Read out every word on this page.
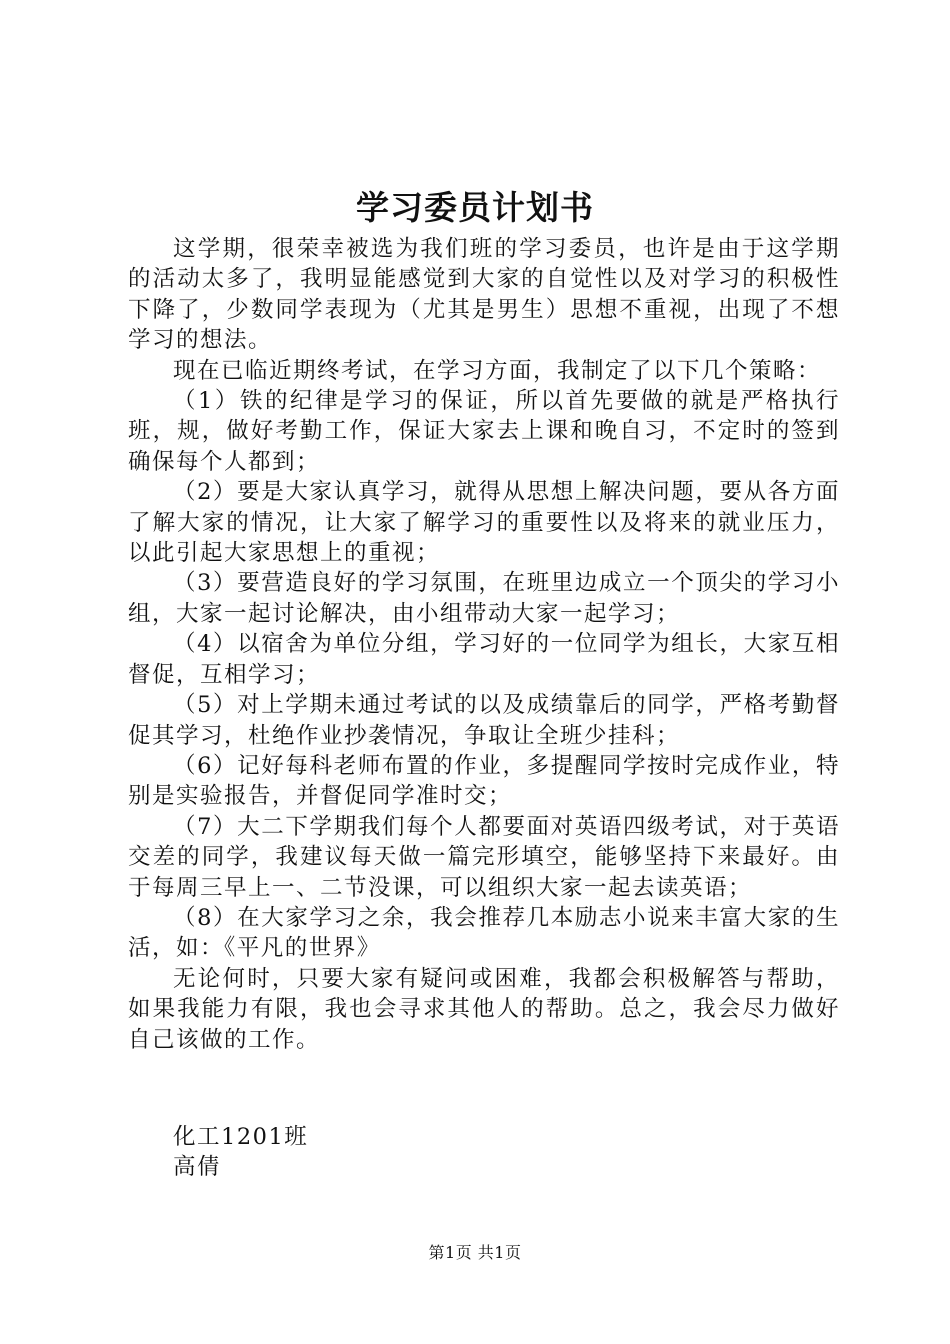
学习委员计划书

这学期，很荣幸被选为我们班的学习委员，也许是由于这学期的活动太多了，我明显能感觉到大家的自觉性以及对学习的积极性下降了，少数同学表现为（尤其是男生）思想不重视，出现了不想学习的想法。

现在已临近期终考试，在学习方面，我制定了以下几个策略：

（1）铁的纪律是学习的保证，所以首先要做的就是严格执行班，规，做好考勤工作，保证大家去上课和晚自习，不定时的签到确保每个人都到；

（2）要是大家认真学习，就得从思想上解决问题，要从各方面了解大家的情况，让大家了解学习的重要性以及将来的就业压力，以此引起大家思想上的重视；

（3）要营造良好的学习氛围，在班里边成立一个顶尖的学习小组，大家一起讨论解决，由小组带动大家一起学习；

（4）以宿舍为单位分组，学习好的一位同学为组长，大家互相督促，互相学习；

（5）对上学期未通过考试的以及成绩靠后的同学，严格考勤督促其学习，杜绝作业抄袭情况，争取让全班少挂科；

（6）记好每科老师布置的作业，多提醒同学按时完成作业，特别是实验报告，并督促同学准时交；

（7）大二下学期我们每个人都要面对英语四级考试，对于英语交差的同学，我建议每天做一篇完形填空，能够坚持下来最好。由于每周三早上一、二节没课，可以组织大家一起去读英语；

（8）在大家学习之余，我会推荐几本励志小说来丰富大家的生活，如：《平凡的世界》

无论何时，只要大家有疑问或困难，我都会积极解答与帮助，如果我能力有限，我也会寻求其他人的帮助。总之，我会尽力做好自己该做的工作。

化工1201班
高倩
第1页 共1页
